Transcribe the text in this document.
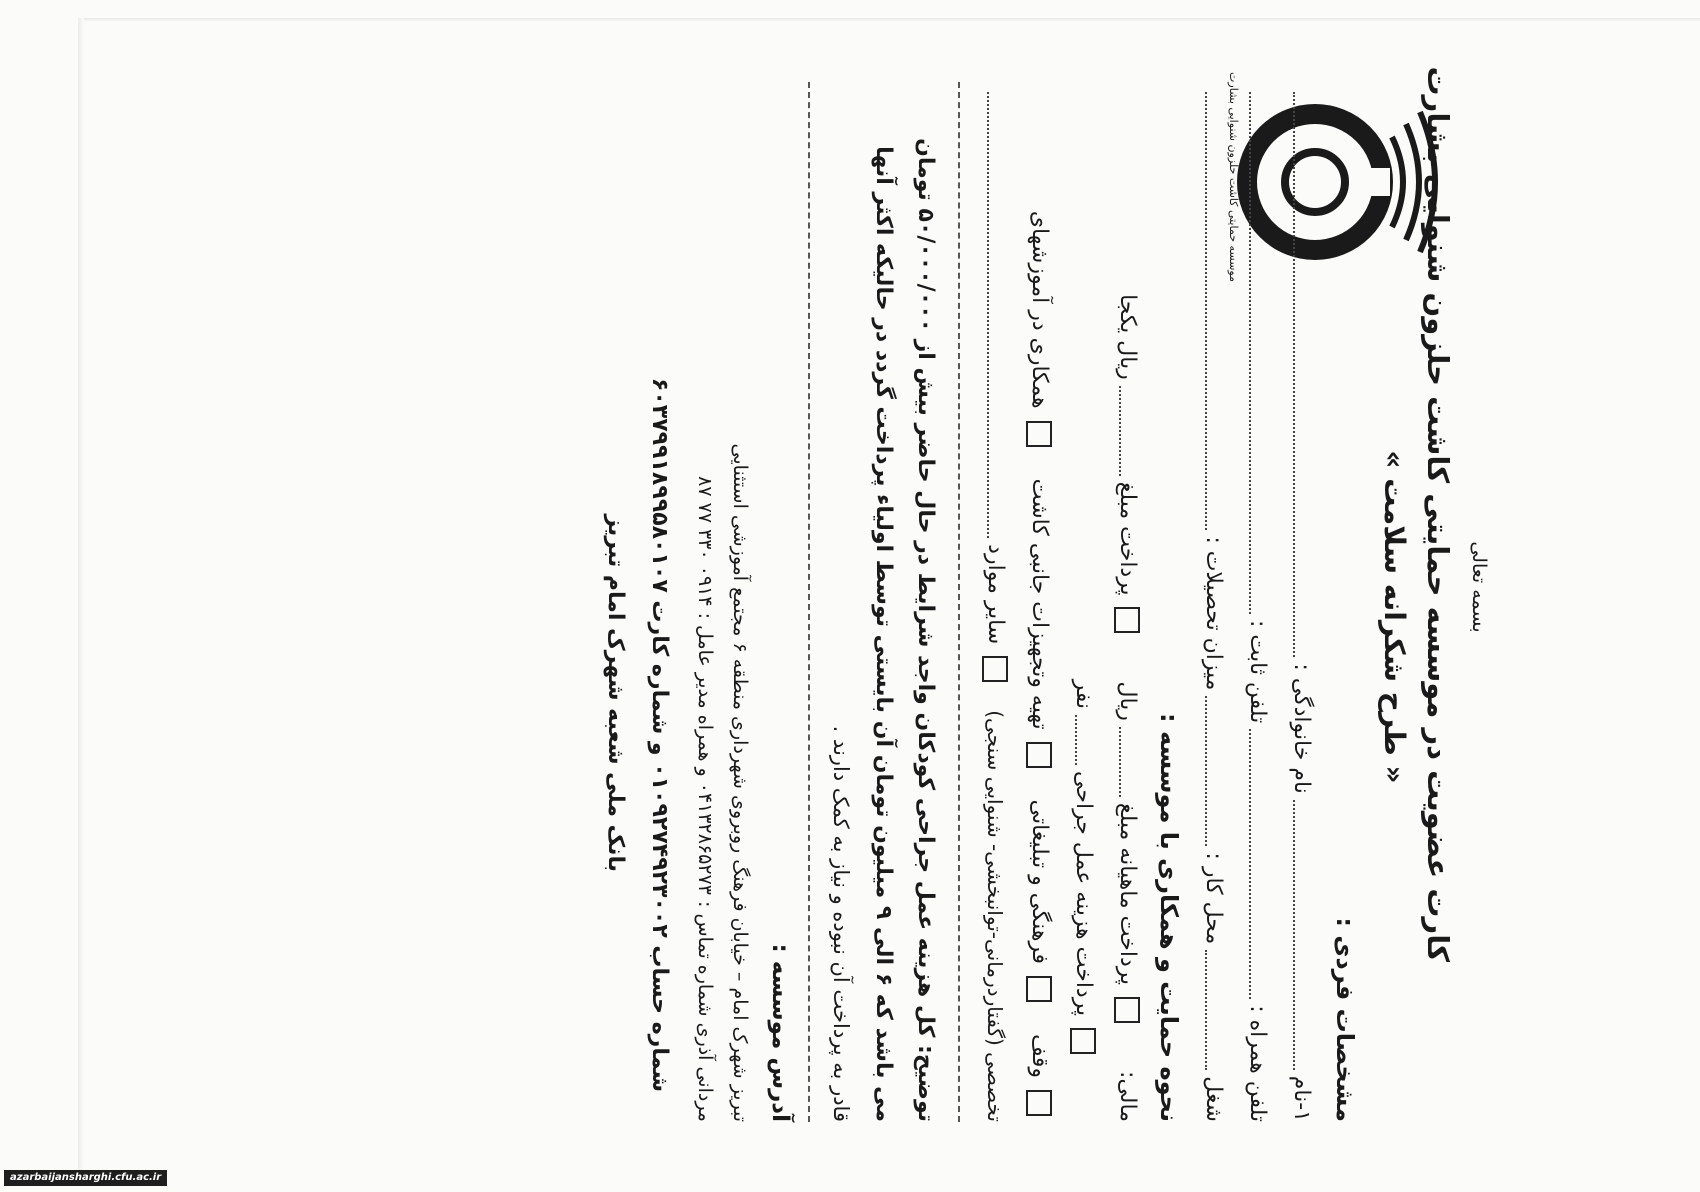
موسسه حمایتی کاشت حلزون شنوایی بشارت
بسمه تعالی
کارت عضویت در موسسه حمایتی کاشت حلزون شنوایی بشارت
« طرح شکرانه سلامت »
مشخصات فردی :
۱-نام
نام خانوادگی :
تلفن همراه :
تلفن ثابت :
شغل
محل کار :
میزان تحصیلات :
نحوه حمایت و همکاری با موسسه :
مالی:
پرداخت ماهیانه مبلغ
ریال
پرداخت مبلغ
ریال یکجا
پرداخت هزینه عمل جراحی
نفر
وقف
فرهنگی و تبلیغاتی
تهیه وتجهیزات جانبی کاشت
همکاری در آموزشهای
تخصصی (گفتاردرمانی-توانبخشی- شنوایی سنجی)
سایر موارد
توضیح: کل هزینه عمل جراحی کودکان واجد شرایط در حال حاضر بیش از ۵۰/۰۰۰/۰۰۰ تومان
می باشد که ۶ الی ۹ میلیون تومان آن بایستی توسط اولیاء پرداخت گردد در حالیکه اکثر آنها
قادر به پرداخت آن نبوده و نیاز به کمک دارند .
آدرس موسسه :
تبریز شهرک امام – خیابان فرهنگ روبروی شهرداری منطقه ۶ مجتمع آموزشی استثنایی
مردانی آذری شماره تماس : ۰۴۱۳۲۸۶۵۲۷۳ و همراه مدیر عامل : ۰۹۱۴ ۳۳۰ ۷۷ ۸۷
شماره حساب ۰۱۰۹۲۷۴۹۲۳۰۰۲ و شماره کارت ۶۰۳۷۹۹۱۸۹۹۵۸۰۱۰۷
بانک ملی شعبه شهرک امام تبریز
azarbaijansharghi.cfu.ac.ir
